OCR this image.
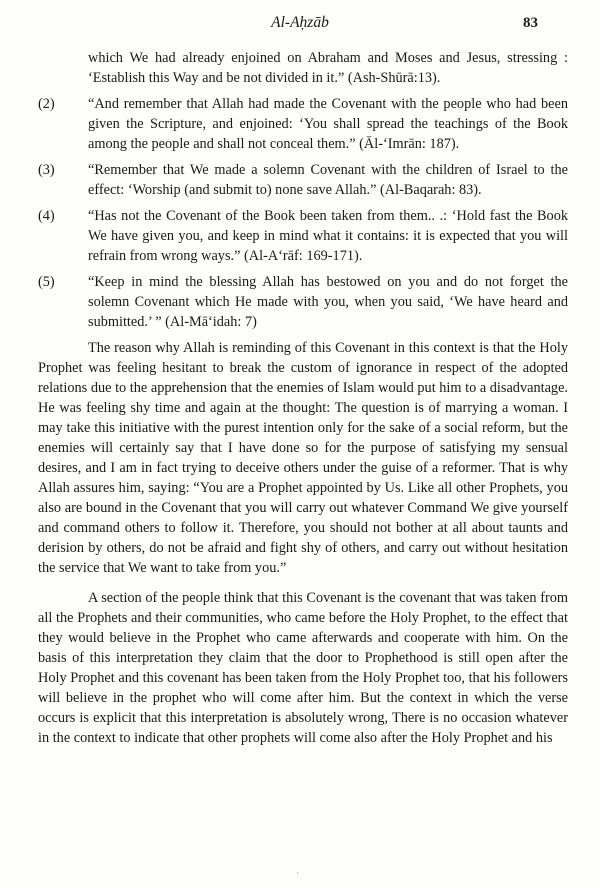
Al-Aḥzāb	83

which We had already enjoined on Abraham and Moses and Jesus, stressing : ‘Establish this Way and be not divided in it.” (Ash-Shūrā:13).

(2)	“And remember that Allah had made the Covenant with the people who had been given the Scripture, and enjoined: ‘You shall spread the teachings of the Book among the people and shall not conceal them.” (Āl-‘Imrān: 187).
(3)	“Remember that We made a solemn Covenant with the children of Israel to the effect: ‘Worship (and submit to) none save Allah.” (Al-Baqarah: 83).
(4)	“Has not the Covenant of the Book been taken from them.. .: ‘Hold fast the Book We have given you, and keep in mind what it contains: it is expected that you will refrain from wrong ways.” (Al-A‘rāf: 169-171).
(5)	“Keep in mind the blessing Allah has bestowed on you and do not forget the solemn Covenant which He made with you, when you said, ‘We have heard and submitted.’ ” (Al-Mā‘idah: 7)

The reason why Allah is reminding of this Covenant in this context is that the Holy Prophet was feeling hesitant to break the custom of ignorance in respect of the adopted relations due to the apprehension that the enemies of Islam would put him to a disadvantage. He was feeling shy time and again at the thought: The question is of marrying a woman. I may take this initiative with the purest intention only for the sake of a social reform, but the enemies will certainly say that I have done so for the purpose of satisfying my sensual desires, and I am in fact trying to deceive others under the guise of a reformer. That is why Allah assures him, saying: “You are a Prophet appointed by Us. Like all other Prophets, you also are bound in the Covenant that you will carry out whatever Command We give yourself and command others to follow it. Therefore, you should not bother at all about taunts and derision by others, do not be afraid and fight shy of others, and carry out without hesitation the service that We want to take from you.”

A section of the people think that this Covenant is the covenant that was taken from all the Prophets and their communities, who came before the Holy Prophet, to the effect that they would believe in the Prophet who came afterwards and cooperate with him. On the basis of this interpretation they claim that the door to Prophethood is still open after the Holy Prophet and this covenant has been taken from the Holy Prophet too, that his followers will believe in the prophet who will come after him. But the context in which the verse occurs is explicit that this interpretation is absolutely wrong, There is no occasion whatever in the context to indicate that other prophets will come also after the Holy Prophet and his

·
